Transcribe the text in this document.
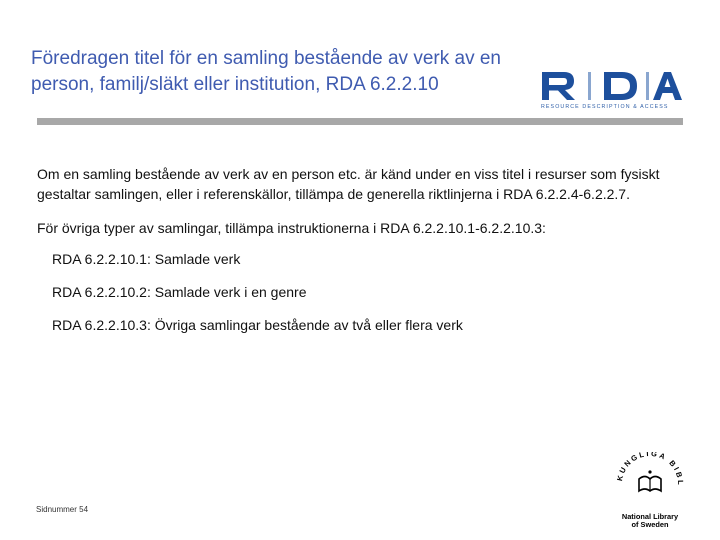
Föredragen titel för en samling bestående av verk av en
person, familj/släkt eller institution, RDA 6.2.2.10
RESOURCE DESCRIPTION & ACCESS

Om en samling bestående av verk av en person etc. är känd under en viss titel i resurser som fysiskt gestaltar samlingen, eller i referenskällor, tillämpa de generella riktlinjerna i RDA 6.2.2.4-6.2.2.7.

För övriga typer av samlingar, tillämpa instruktionerna i RDA 6.2.2.10.1-6.2.2.10.3:

RDA 6.2.2.10.1: Samlade verk
RDA 6.2.2.10.2: Samlade verk i en genre
RDA 6.2.2.10.3: Övriga samlingar bestående av två eller flera verk
Sidnummer 54
KUNGLIGA BIBL
National Library
of Sweden
